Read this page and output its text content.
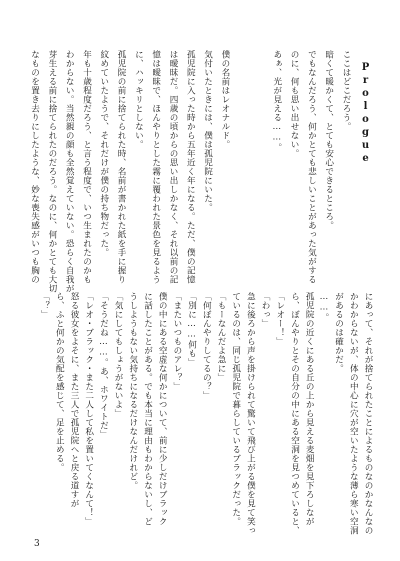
Prologue
ここはどこだろう。
暗くて暖かくて、とても安心できるところ。
でもなんだろう、何かとても悲しいことがあった気がする
のに、何も思い出せない。
あぁ、光が見える……。
僕の名前はレオナルド。
気付いたときには、僕は孤児院にいた。
孤児院に入った時から五年近く年になる。ただ、僕の記憶
は曖昧だ。四歳の頃からの思い出しかなく、それ以前の記
憶は曖昧で、ほんやりとした霧に覆われた景色を見るよう
に、ハッキリとしない。
孤児院の前に捨てられた時、名前が書かれた紙を手に握り
紋めていたようで、それだけが僕の持ち物だった。
年も十歳程度だろう、と言う程度で、いつ生まれたのかも
わからない。当然親の顔も全然覚えていない。恐らく自我が
芽生える前に捨てられたのだろう。なのに、何かとても大切
なものを置き去りにしたような、妙な喪失感がいつも胸の
にあって、それが捨てられたことによるものなのかなんなの
かわからないが、体の中心に穴が空いたような薄ら寒い空洞
があるのは確かだ。
……。
孤児院の近くにある丘の上から見える麦畑を見下ろしなが
ら、ぼんやりとその自分の中にある空洞を見つめていると、
「レオー！」
「わっ」
急に後ろから声を掛けられて驚いて飛び上がる僕を見て笑っ
ているのは、同じ孤児院で暮らしているブラックだった。
「もーなんだよ急に」
「何ぼんやりしてるの？」
「別に……何も」
「またいつものアレ？」
僕の中にある空虚な何かについて、前に少しだけブラック
に話したことがある。でも本当に理由もわからないし、ど
うしようもない気持ちになるだけなんだけれど。
「気にしてもしょうがないよ」
「そうだね……。あ、ホワイトだ」
「レオ・ブラック・また二人して私を置いてくなんて！」
怒る彼女をよそに、また三人で孤児院へと戻る道すが
ら、ふと何かの気配を感じて、足を止める。
「？」
3
